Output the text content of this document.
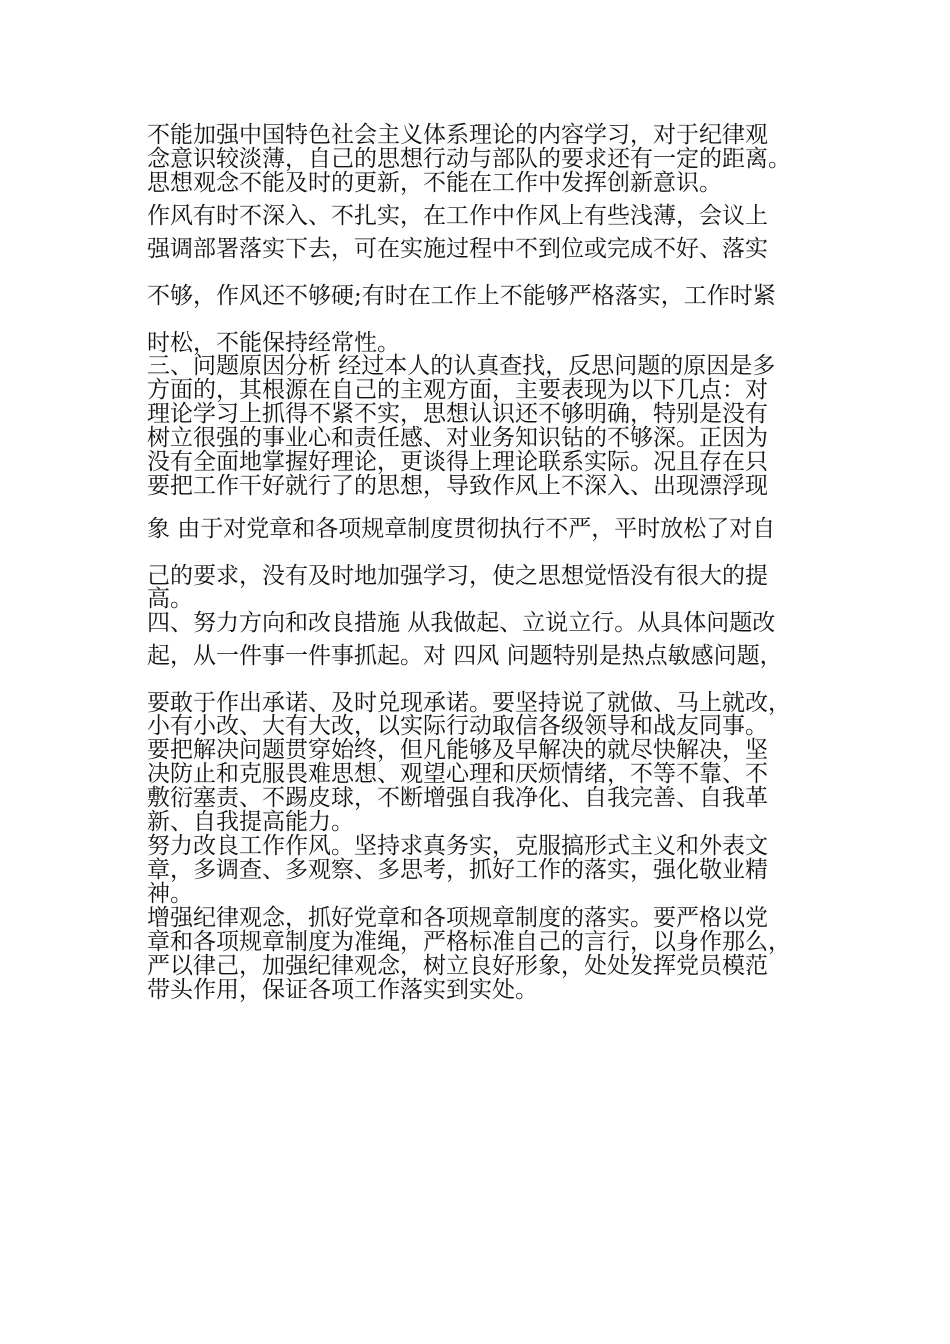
不能加强中国特色社会主义体系理论的内容学习，对于纪律观
念意识较淡薄，自己的思想行动与部队的要求还有一定的距离。
思想观念不能及时的更新，不能在工作中发挥创新意识。
作风有时不深入、不扎实，在工作中作风上有些浅薄，会议上
强调部署落实下去，可在实施过程中不到位或完成不好、落实
不够，作风还不够硬;有时在工作上不能够严格落实，工作时紧
时松，不能保持经常性。
三、问题原因分析 经过本人的认真查找，反思问题的原因是多
方面的，其根源在自己的主观方面，主要表现为以下几点：对
理论学习上抓得不紧不实，思想认识还不够明确，特别是没有
树立很强的事业心和责任感、对业务知识钻的不够深。正因为
没有全面地掌握好理论，更谈得上理论联系实际。况且存在只
要把工作干好就行了的思想，导致作风上不深入、出现漂浮现
象 由于对党章和各项规章制度贯彻执行不严，平时放松了对自
己的要求，没有及时地加强学习，使之思想觉悟没有很大的提
高。
四、努力方向和改良措施 从我做起、立说立行。从具体问题改
起，从一件事一件事抓起。对 四风 问题特别是热点敏感问题，
要敢于作出承诺、及时兑现承诺。要坚持说了就做、马上就改，
小有小改、大有大改，以实际行动取信各级领导和战友同事。
要把解决问题贯穿始终，但凡能够及早解决的就尽快解决，坚
决防止和克服畏难思想、观望心理和厌烦情绪，不等不靠、不
敷衍塞责、不踢皮球，不断增强自我净化、自我完善、自我革
新、自我提高能力。
努力改良工作作风。坚持求真务实，克服搞形式主义和外表文
章，多调查、多观察、多思考，抓好工作的落实，强化敬业精
神。
增强纪律观念，抓好党章和各项规章制度的落实。要严格以党
章和各项规章制度为准绳，严格标准自己的言行，以身作那么，
严以律己，加强纪律观念，树立良好形象，处处发挥党员模范
带头作用，保证各项工作落实到实处。
